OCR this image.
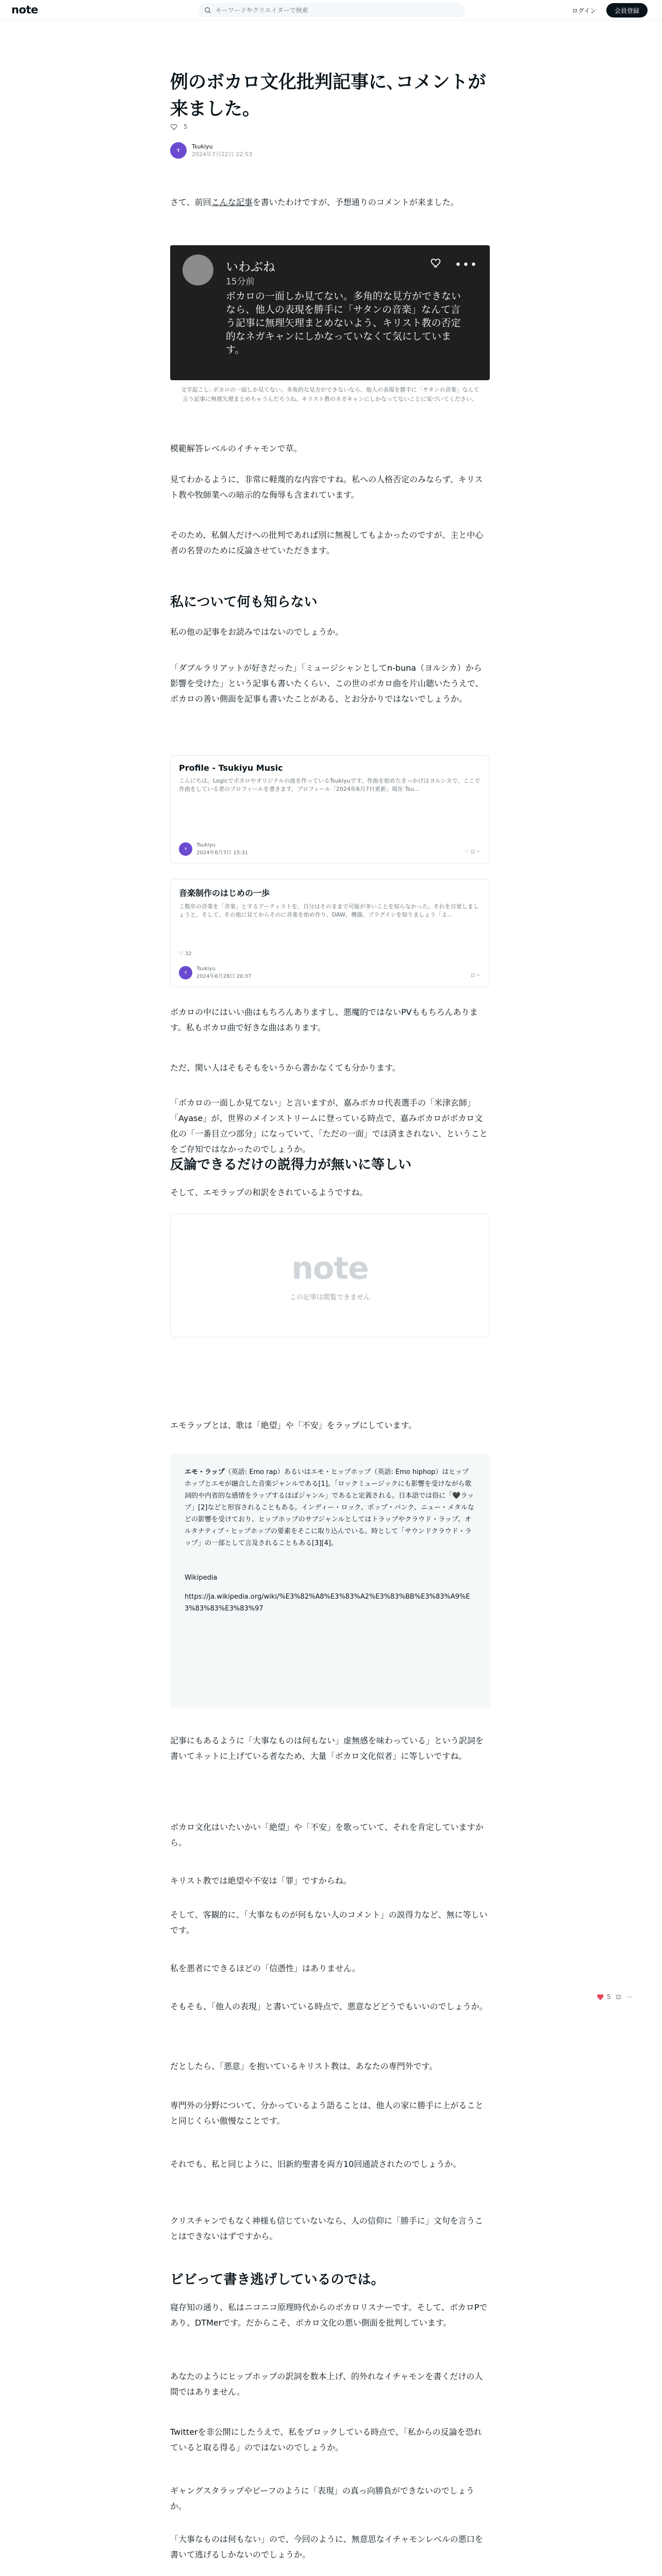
note
キーワードやクリエイターで検索	ログイン	会員登録
例のボカロ文化批判記事に､コメントが来ました。
5
T
Tsukiyu
2024年7月22日 22:53

さて、前回こんな記事を書いたわけですが、予想通りのコメントが来ました。

いわぶね
15分前
ボカロの一面しか見てない。多角的な見方ができないなら、他人の表現を勝手に「サタンの音楽」なんて言う記事に無理矢理まとめないよう、キリスト教の否定的なネガキャンにしかなっていなくて気にしています。
•••
文字起こし: ボカロの一面しか見てない。多角的な見方ができないなら、他人の表現を勝手に「サタンの音楽」なんて言う記事に無理矢理まとめちゃうんだろうね。キリスト教のネガキャンにしかなってないことに気づいてください。

模範解答レベルのイチャモンで草。

見てわかるように、非常に軽蔑的な内容ですね。私への人格否定のみならず、キリスト教や牧師業への暗示的な侮辱も含まれています。

そのため、私個人だけへの批判であれば別に無視してもよかったのですが、主と中心者の名誉のために反論させていただきます。

私について何も知らない

私の他の記事をお読みではないのでしょうか。

「ダブルラリアットが好きだった」「ミュージシャンとしてn-buna（ヨルシカ）から影響を受けた」という記事も書いたくらい、この世のボカロ曲を片山聴いたうえで、ボカロの善い側面を記事も書いたことがある、とお分かりではないでしょうか。

Profile - Tsukiyu Music
こんにちは。Logicでボカロやオリジナルの曲を作っているTsukiyuです。作曲を始めたきっかけはヨルシカで、ここで作曲をしている者のプロフィールを書きます。プロフィール「2024年6月7日更新」現在 Tsu...
T
Tsukiyu
2024年6月7日 15:31	♡ ⊡ ⌐
音楽制作のはじめの一歩
こ数年の音楽を「音楽」とするアーティストを、自分はそのままで可能が多いことを知らなかった。それを自覚しましょうと、そして、その他に見てからそのに音楽を始め作り、DAW、機器、プラグインを知りましょう「よ...
♡ 32
T
Tsukiyu
2024年6月28日 20:37	⊡ ⌐

ボカロの中にはいい曲はもちろんありますし、悪魔的ではないPVももちろんあります。私もボカロ曲で好きな曲はあります。

ただ、関い人はそもそもをいうから書かなくても分かります。

「ボカロの一面しか見てない」と言いますが、嘉みボカロ代表選手の「米津玄師」「Ayase」が、世界のメインストリームに登っている時点で、嘉みボカロがボカロ文化の「一番目立つ部分」になっていて、「ただの一面」では済まされない、ということをご存知ではなかったのでしょうか。

反論できるだけの説得力が無いに等しい

そして、エモラップの和訳をされているようですね。

note
この記事は閲覧できません

エモラップとは、歌は「絶望」や「不安」をラップにしています。

エモ・ラップ（英語: Emo rap）あるいはエモ・ヒップホップ（英語: Emo hiphop）はヒップホップとエモが融合した音楽ジャンルである[1]。「ロックミュージックにも影響を受けながら歌詞的や内省的な感情をラップするほぼジャンル」であると定義される。日本語では俗に「🖤ラップ」[2]などと形容されることもある。インディー・ロック、ポップ・パンク、ニュー・メタルなどの影響を受けており、ヒップホップのサブジャンルとしてはトラップやクラウド・ラップ、オルタナティブ・ヒップホップの要素をそこに取り込んでいる。時として「サウンドクラウド・ラップ」の一部として言及されることもある[3][4]。
Wikipedia
https://ja.wikipedia.org/wiki/%E3%82%A8%E3%83%A2%E3%83%BB%E3%83%A9%E3%83%83%E3%83%97

記事にもあるように「大事なものは何もない」虚無感を味わっている」という訳詞を書いてネットに上げている者なため、大量「ボカロ文化似者」に等しいですね。

ボカロ文化はいたいかい「絶望」や「不安」を歌っていて、それを肯定していますから。

キリスト教では絶望や不安は「罪」ですからね。

そして、客観的に、「大事なものが何もない人のコメント」の説得力など、無に等しいです。

私を悪者にできるほどの「信憑性」はありません。

そもそも、「他人の表現」と書いている時点で、悪意などどうでもいいのでしょうか。

だとしたら、「悪意」を抱いているキリスト教は、あなたの専門外です。

専門外の分野について、分かっているよう語ることは、他人の家に勝手に上がることと同じくらい傲慢なことです。

それでも、私と同じように、旧新約聖書を両方10回通読されたのでしょうか。

クリスチャンでもなく神様も信じていないなら、人の信仰に「勝手に」文句を言うことはできないはずですから。

ビビって書き逃げしているのでは。

寝存知の通り、私はニコニコ原理時代からのボカロリスナーです。そして、ボカロPであり、DTMerです。だからこそ、ボカロ文化の悪い側面を批判しています。

あなたのようにヒップホップの訳詞を数本上げ、的外れなイチャモンを書くだけの人間ではありません。

Twitterを非公開にしたうえで、私をブロックしている時点で、「私からの反論を恐れていると取る得る」のではないのでしょうか。

ギャングスタラップやビーフのように「表現」の真っ向勝負ができないのでしょうか。

「大事なものは何もない」ので、今回のように、無意思なイチャモンレベルの悪口を書いて逃げるしかないのでしょうか。

5 ⊡ ⋯
